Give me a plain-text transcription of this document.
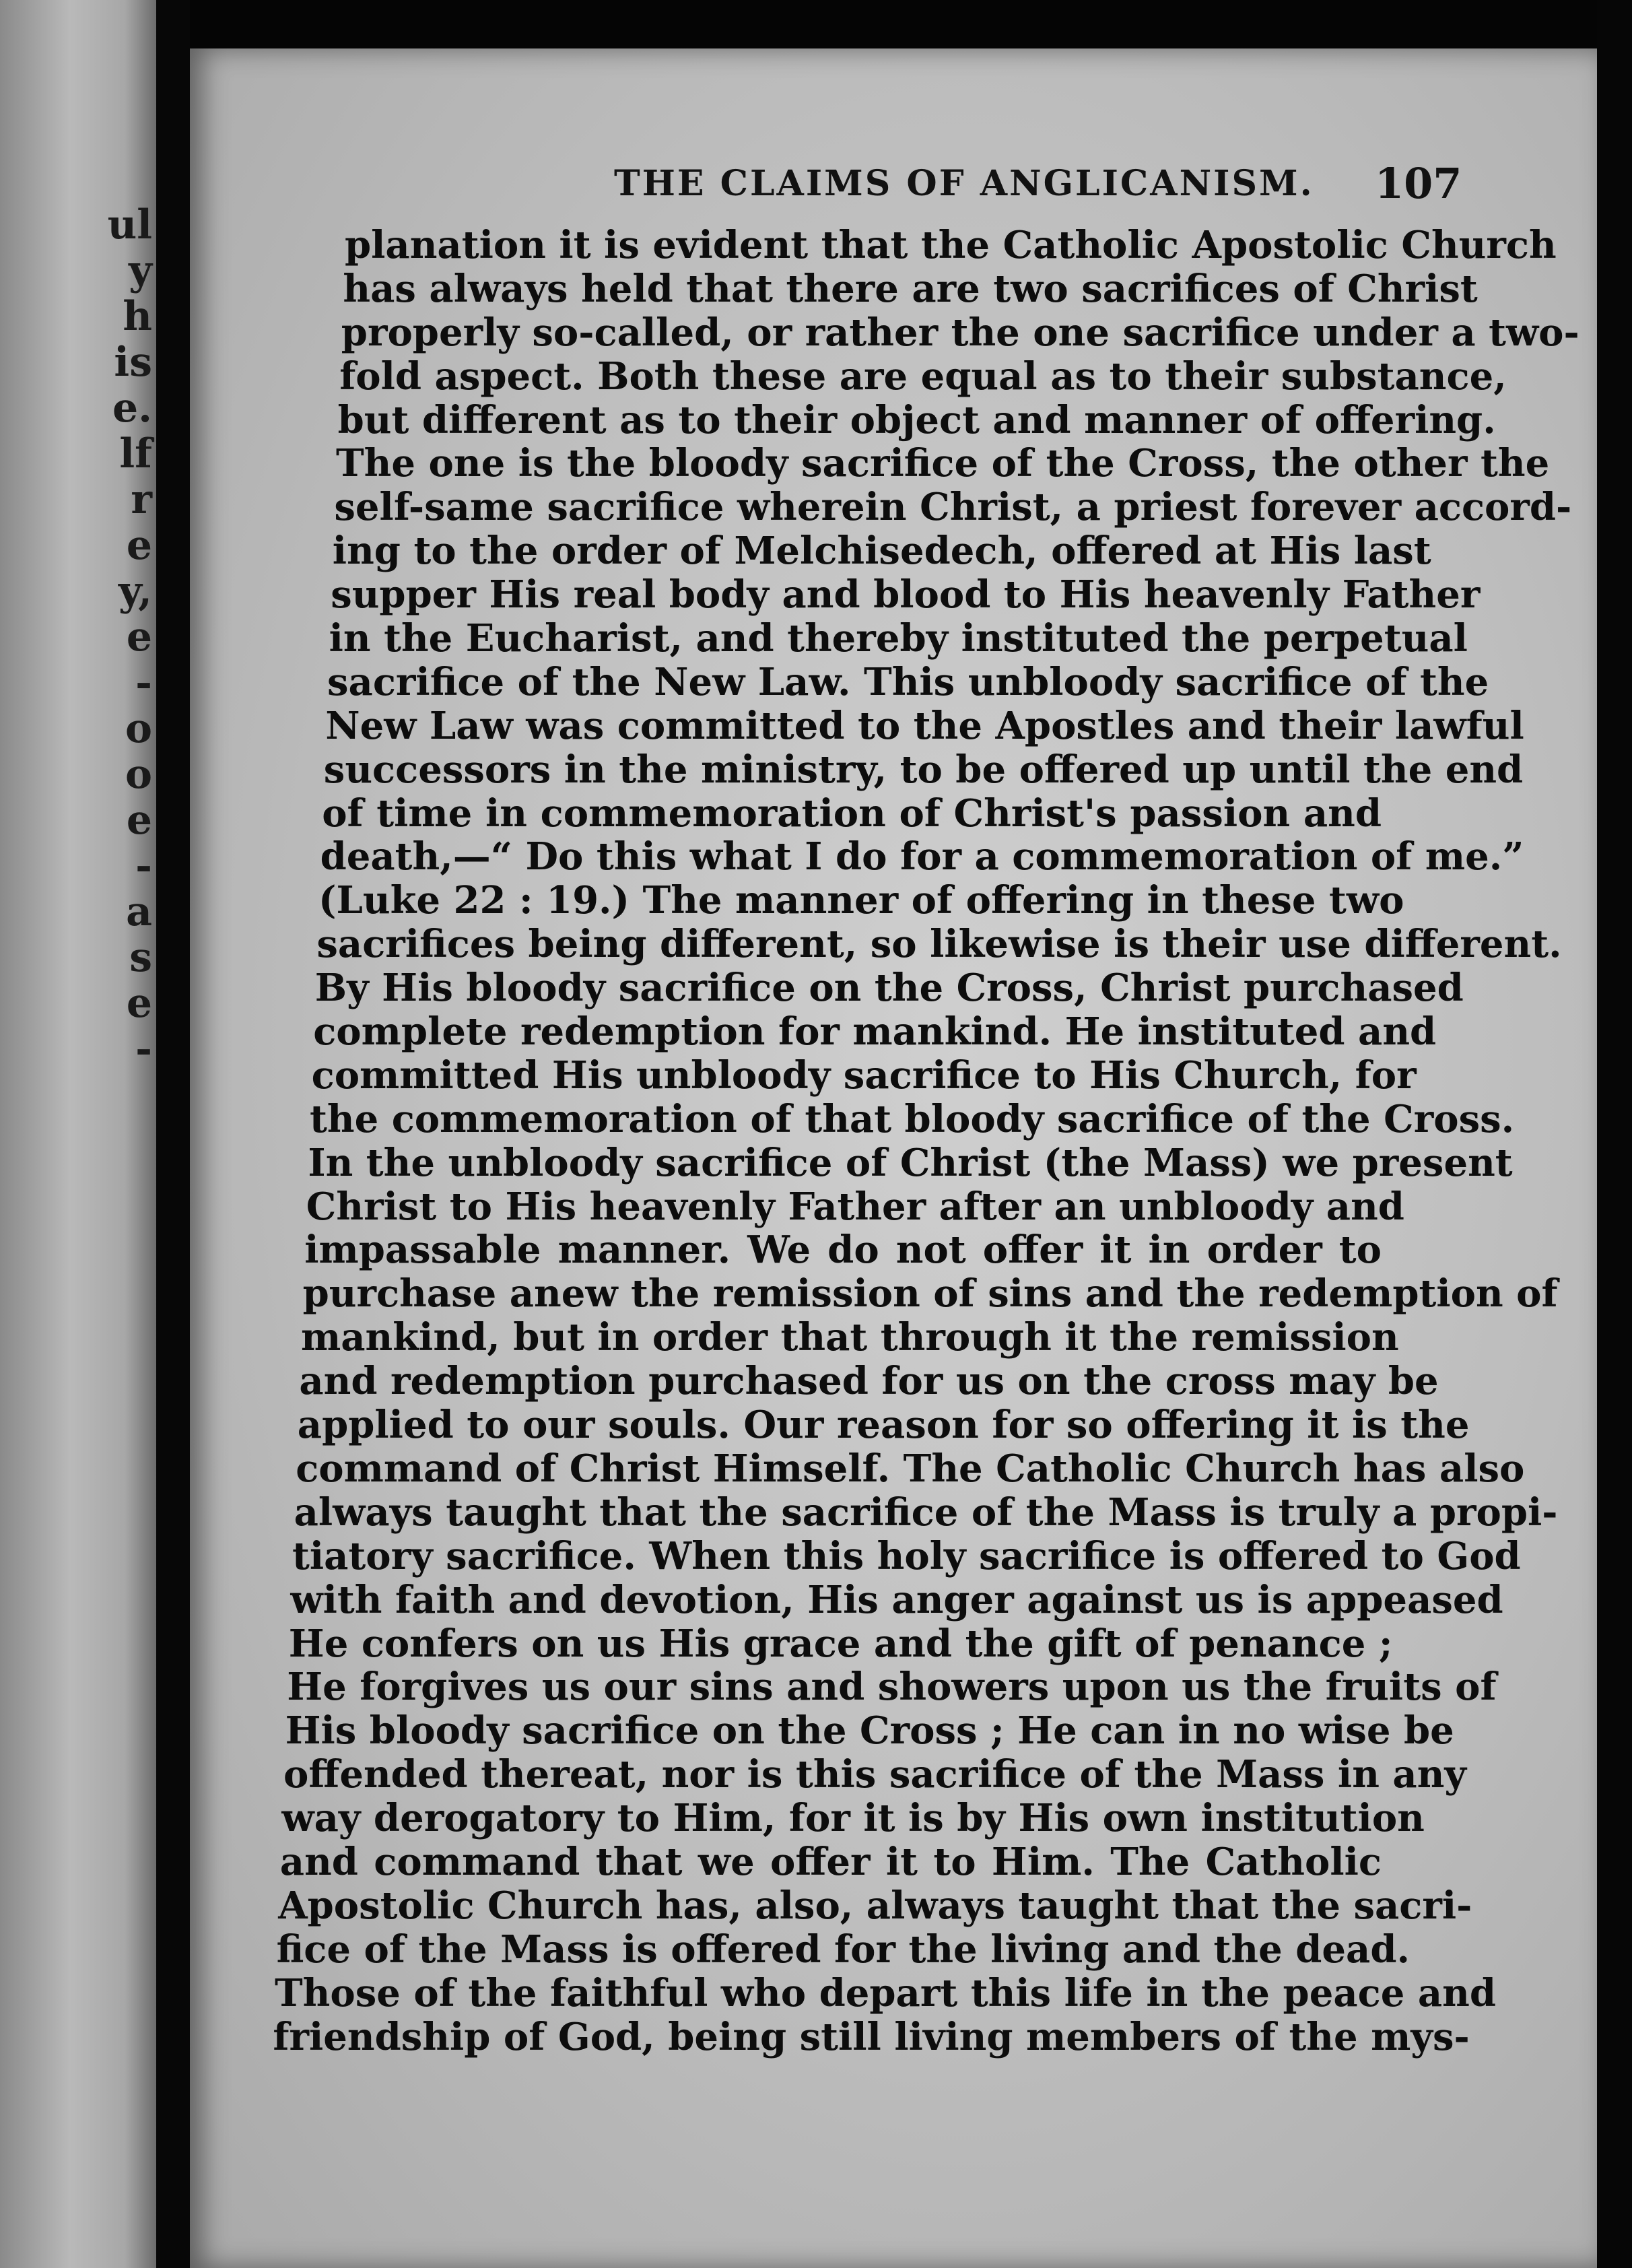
ul
y
h
is
e.
lf
r
e
y,
e
-
o
o
e
-
a
s
e
-
THE CLAIMS OF ANGLICANISM. 107
planation it is evident that the Catholic Apostolic Church
has always held that there are two sacrifices of Christ
properly so-called, or rather the one sacrifice under a two-
fold aspect. Both these are equal as to their substance,
but different as to their object and manner of offering.
The one is the bloody sacrifice of the Cross, the other the
self-same sacrifice wherein Christ, a priest forever accord-
ing to the order of Melchisedech, offered at His last
supper His real body and blood to His heavenly Father
in the Eucharist, and thereby instituted the perpetual
sacrifice of the New Law. This unbloody sacrifice of the
New Law was committed to the Apostles and their lawful
successors in the ministry, to be offered up until the end
of time in commemoration of Christ's passion and
death,—“ Do this what I do for a commemoration of me.”
(Luke 22 : 19.) The manner of offering in these two
sacrifices being different, so likewise is their use different.
By His bloody sacrifice on the Cross, Christ purchased
complete redemption for mankind. He instituted and
committed His unbloody sacrifice to His Church, for
the commemoration of that bloody sacrifice of the Cross.
In the unbloody sacrifice of Christ (the Mass) we present
Christ to His heavenly Father after an unbloody and
impassable manner. We do not offer it in order to
purchase anew the remission of sins and the redemption of
mankind, but in order that through it the remission
and redemption purchased for us on the cross may be
applied to our souls. Our reason for so offering it is the
command of Christ Himself. The Catholic Church has also
always taught that the sacrifice of the Mass is truly a propi-
tiatory sacrifice. When this holy sacrifice is offered to God
with faith and devotion, His anger against us is appeased
He confers on us His grace and the gift of penance ;
He forgives us our sins and showers upon us the fruits of
His bloody sacrifice on the Cross ; He can in no wise be
offended thereat, nor is this sacrifice of the Mass in any
way derogatory to Him, for it is by His own institution
and command that we offer it to Him. The Catholic
Apostolic Church has, also, always taught that the sacri-
fice of the Mass is offered for the living and the dead.
Those of the faithful who depart this life in the peace and
friendship of God, being still living members of the mys-
